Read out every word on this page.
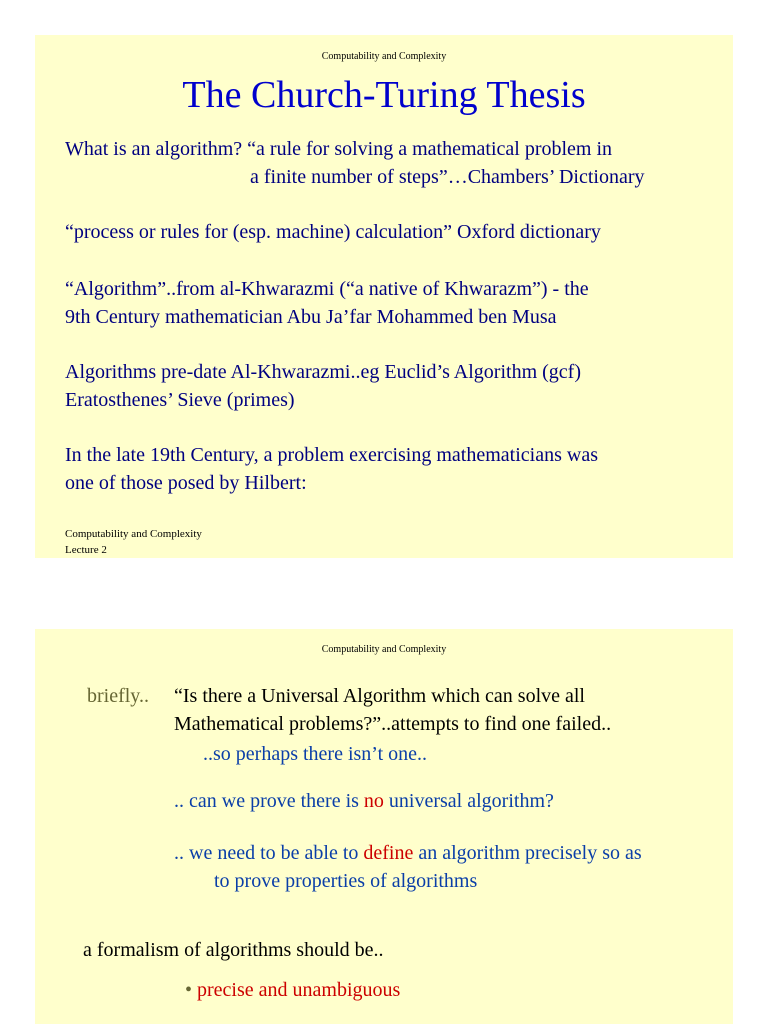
Computability and Complexity
The Church-Turing Thesis
What is an algorithm? “a rule for solving a mathematical problem in
a finite number of steps”…Chambers’ Dictionary
“process or rules for (esp. machine) calculation” Oxford dictionary
“Algorithm”..from al-Khwarazmi (“a native of Khwarazm”) - the
9th Century mathematician Abu Ja’far Mohammed ben Musa
Algorithms pre-date Al-Khwarazmi..eg Euclid’s Algorithm (gcf)
Eratosthenes’ Sieve (primes)
In the late 19th Century, a problem exercising mathematicians was
one of those posed by Hilbert:
Computability and Complexity
Lecture 2
Computability and Complexity
briefly.. “Is there a Universal Algorithm which can solve all
Mathematical problems?”..attempts to find one failed..
..so perhaps there isn’t one..
.. can we prove there is no universal algorithm?
.. we need to be able to define an algorithm precisely so as
to prove properties of algorithms
a formalism of algorithms should be..
• precise and unambiguous
